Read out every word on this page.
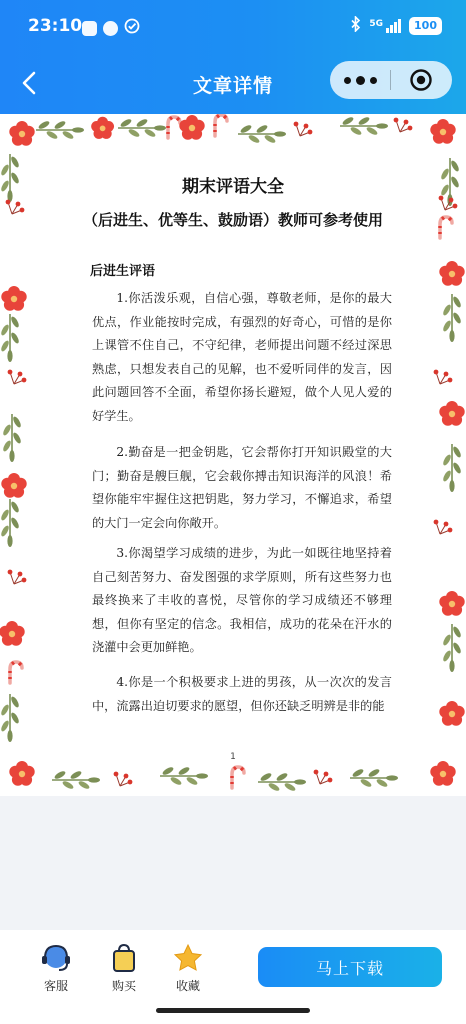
23:10	5G	100
文章详情
期末评语大全
（后进生、优等生、鼓励语）教师可参考使用
后进生评语

1.你活泼乐观，自信心强，尊敬老师，是你的最大优点，作业能按时完成，有强烈的好奇心，可惜的是你上课管不住自己，不守纪律，老师提出问题不经过深思熟虑，只想发表自己的见解，也不爱听同伴的发言，因此问题回答不全面，希望你扬长避短，做个人见人爱的好学生。

2.勤奋是一把金钥匙，它会帮你打开知识殿堂的大门；勤奋是艘巨舰，它会载你搏击知识海洋的风浪！希望你能牢牢握住这把钥匙，努力学习，不懈追求，希望的大门一定会向你敞开。

3.你渴望学习成绩的进步，为此一如既往地坚持着自己刻苦努力、奋发图强的求学原则，所有这些努力也最终换来了丰收的喜悦，尽管你的学习成绩还不够理想，但你有坚定的信念。我相信，成功的花朵在汗水的浇灌中会更加鲜艳。

4.你是一个积极要求上进的男孩，从一次次的发言中，流露出迫切要求的愿望，但你还缺乏明辨是非的能

1
客服	购买	收藏
马上下载
